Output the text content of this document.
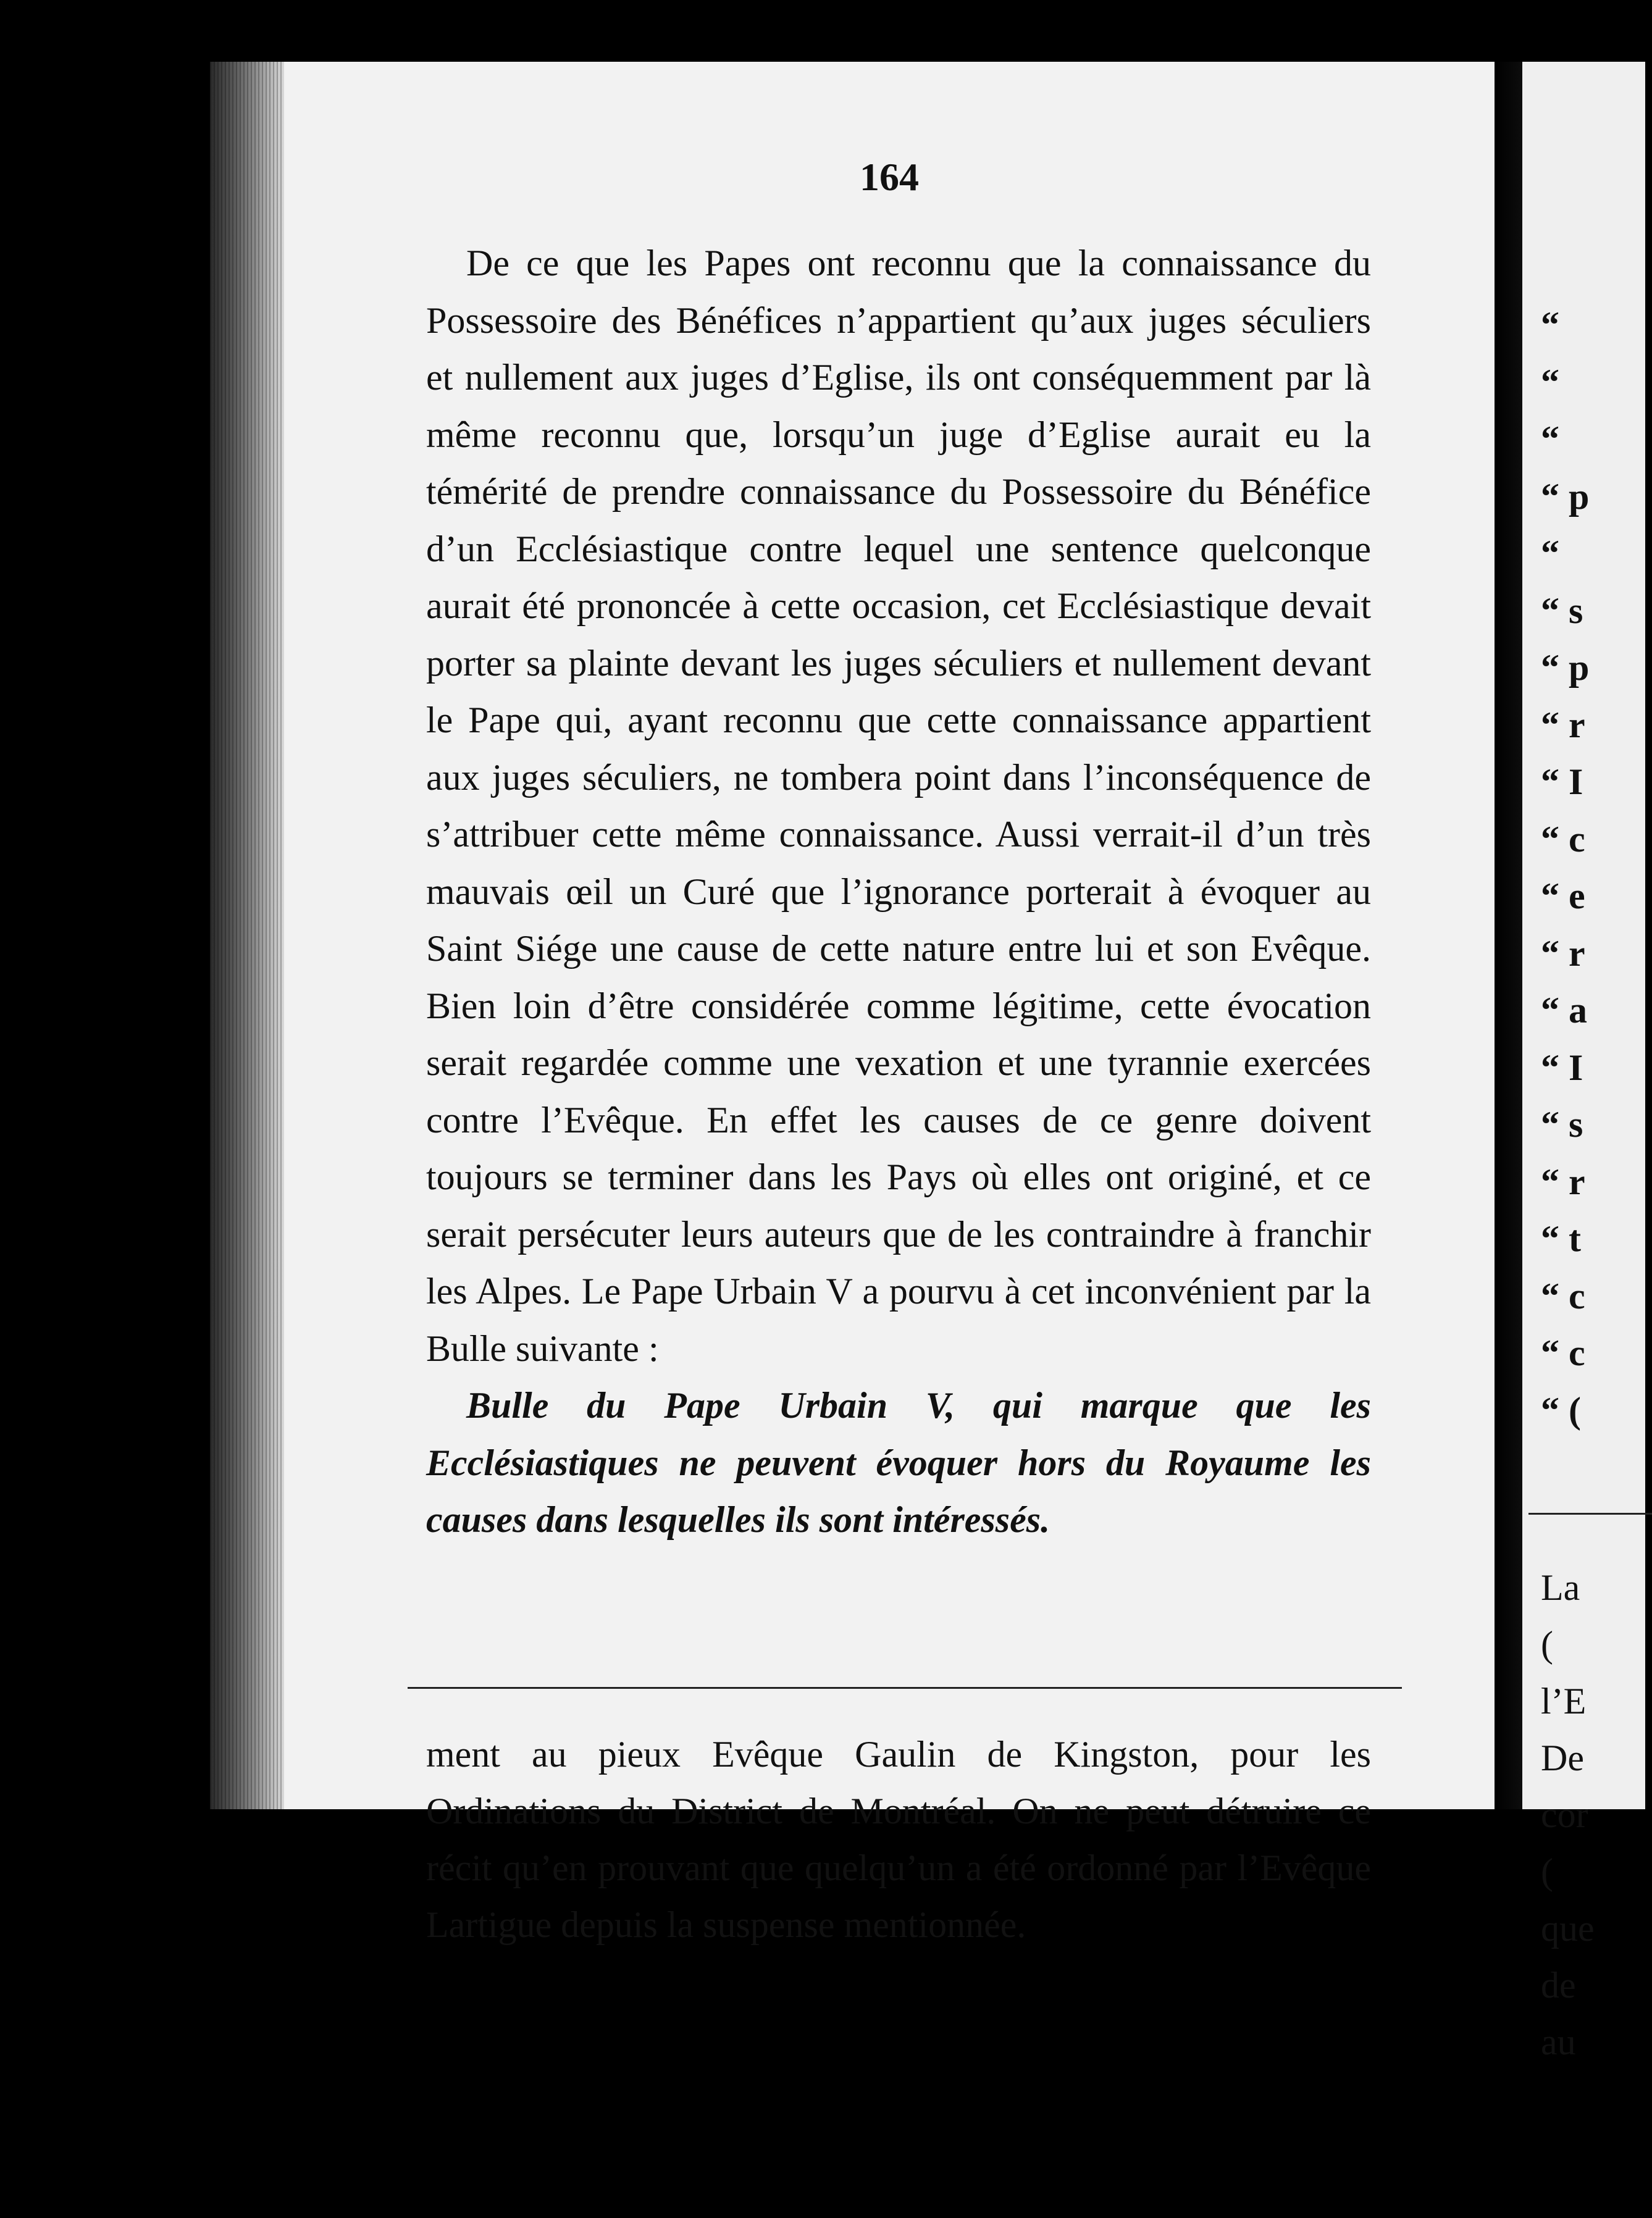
164

De ce que les Papes ont reconnu que la connaissance du Possessoire des Bénéfices n’appartient qu’aux juges séculiers et nullement aux juges d’Eglise, ils ont conséquemment par là même reconnu que, lorsqu’un juge d’Eglise aurait eu la témérité de prendre connaissance du Possessoire du Bénéfice d’un Ecclésiastique contre lequel une sentence quelconque aurait été prononcée à cette occasion, cet Ecclésiastique devait porter sa plainte devant les juges séculiers et nullement devant le Pape qui, ayant reconnu que cette connaissance appartient aux juges séculiers, ne tombera point dans l’inconséquence de s’attribuer cette même connaissance. Aussi verrait-il d’un très mauvais œil un Curé que l’ignorance porterait à évoquer au Saint Siége une cause de cette nature entre lui et son Evêque. Bien loin d’être considérée comme légitime, cette évocation serait regardée comme une vexation et une tyrannie exercées contre l’Evêque. En effet les causes de ce genre doivent toujours se terminer dans les Pays où elles ont originé, et ce serait persécuter leurs auteurs que de les contraindre à franchir les Alpes. Le Pape Urbain V a pourvu à cet inconvénient par la Bulle suivante :

Bulle du Pape Urbain V, qui marque que les Ecclésiastiques ne peuvent évoquer hors du Royaume les causes dans lesquelles ils sont intéressés.

ment au pieux Evêque Gaulin de Kingston, pour les Ordinations du District de Montréal. On ne peut détruire ce récit qu’en prouvant que quelqu’un a été ordonné par l’Evêque Lartigue depuis la suspense mentionnée.

“
“
“
“ p
“
“ s
“ p
“ r
“ I
“ c
“ e
“ r
“ a
“ I
“ s
“ r
“ t
“ c
“ c
“ (
La
(
l’E
De
cor
(
que
de
au
